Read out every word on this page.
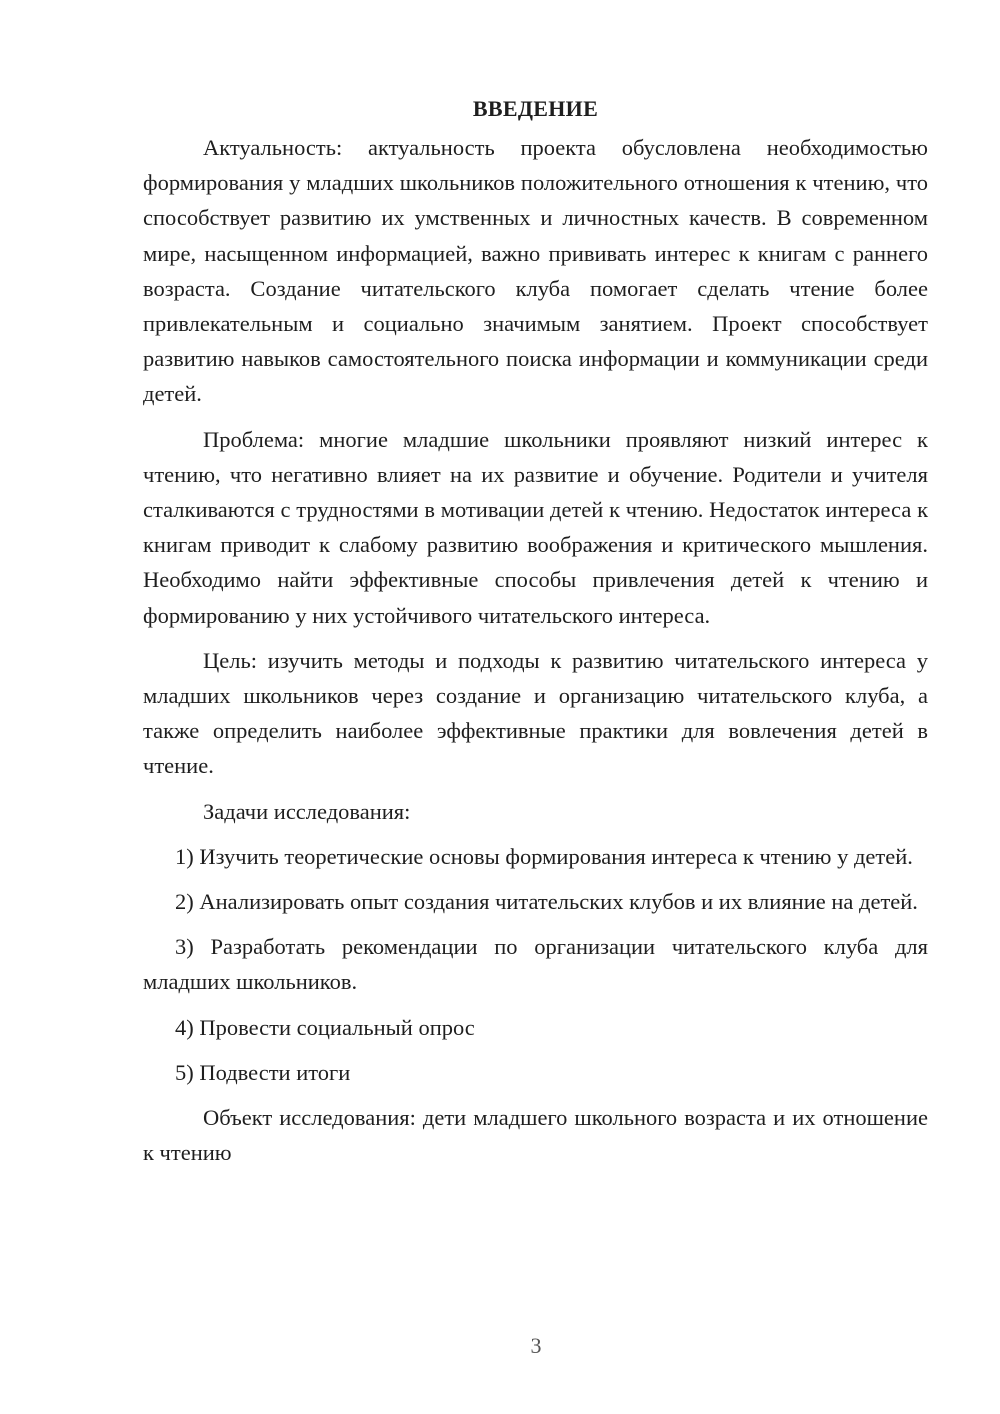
ВВЕДЕНИЕ

Актуальность: актуальность проекта обусловлена необходимостью формирования у младших школьников положительного отношения к чтению, что способствует развитию их умственных и личностных качеств. В современном мире, насыщенном информацией, важно прививать интерес к книгам с раннего возраста. Создание читательского клуба помогает сделать чтение более привлекательным и социально значимым занятием. Проект способствует развитию навыков самостоятельного поиска информации и коммуникации среди детей.

Проблема: многие младшие школьники проявляют низкий интерес к чтению, что негативно влияет на их развитие и обучение. Родители и учителя сталкиваются с трудностями в мотивации детей к чтению. Недостаток интереса к книгам приводит к слабому развитию воображения и критического мышления. Необходимо найти эффективные способы привлечения детей к чтению и формированию у них устойчивого читательского интереса.

Цель: изучить методы и подходы к развитию читательского интереса у младших школьников через создание и организацию читательского клуба, а также определить наиболее эффективные практики для вовлечения детей в чтение.

Задачи исследования:

1) Изучить теоретические основы формирования интереса к чтению у детей.

2) Анализировать опыт создания читательских клубов и их влияние на детей.

3) Разработать рекомендации по организации читательского клуба для младших школьников.

4) Провести социальный опрос

5) Подвести итоги

Объект исследования: дети младшего школьного возраста и их отношение к чтению

3
